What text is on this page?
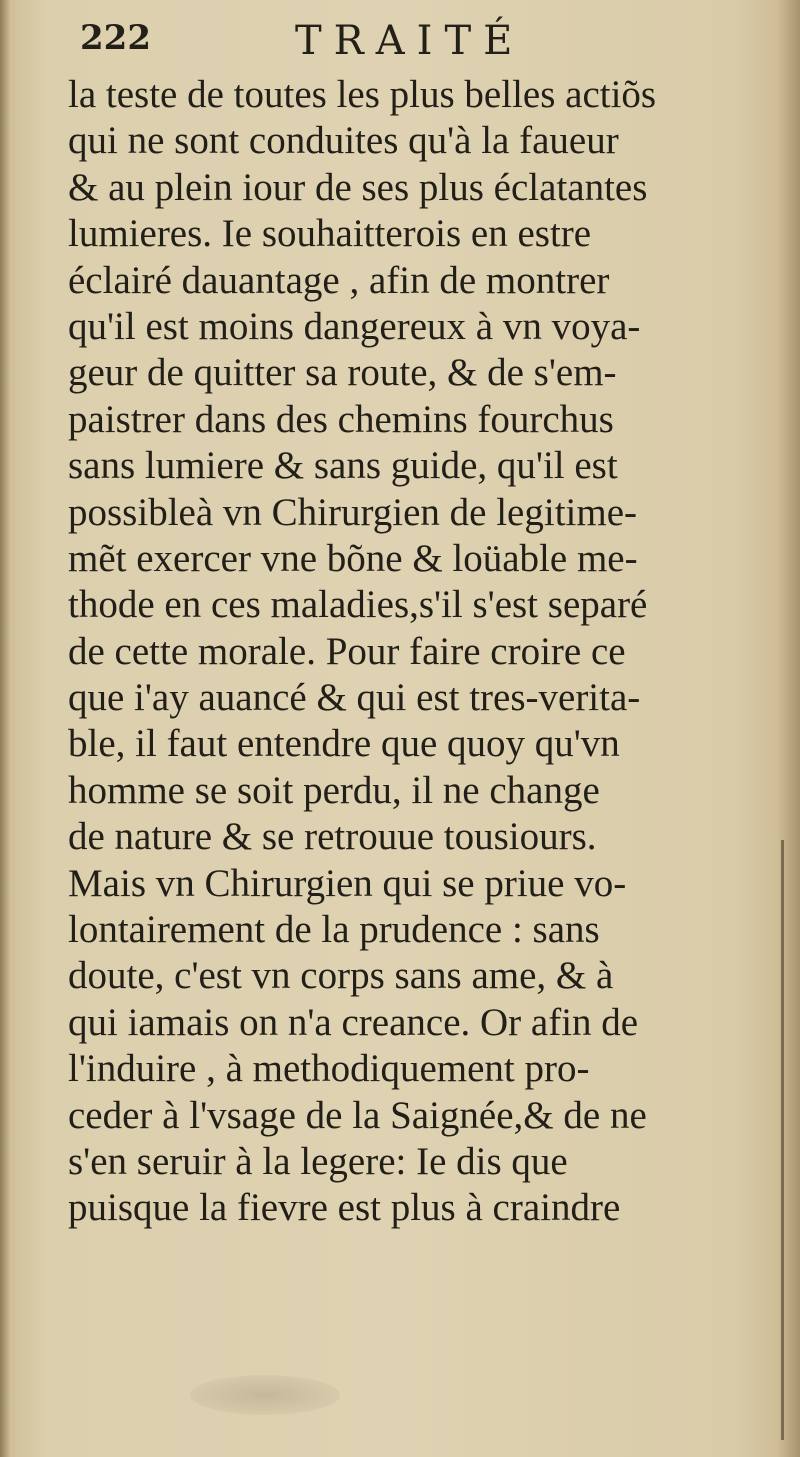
222	TRAITÉ
la teste de toutes les plus belles actiõs
qui ne sont conduites qu'à la faueur
& au plein iour de ses plus éclatantes
lumieres. Ie souhaitterois en estre
éclairé dauantage , afin de montrer
qu'il est moins dangereux à vn voya-
geur de quitter sa route, & de s'em-
paistrer dans des chemins fourchus
sans lumiere & sans guide, qu'il est
possibleà vn Chirurgien de legitime-
mẽt exercer vne bõne & loüable me-
thode en ces maladies,s'il s'est separé
de cette morale. Pour faire croire ce
que i'ay auancé & qui est tres-verita-
ble, il faut entendre que quoy qu'vn
homme se soit perdu, il ne change
de nature & se retrouue tousiours.
Mais vn Chirurgien qui se priue vo-
lontairement de la prudence : sans
doute, c'est vn corps sans ame, & à
qui iamais on n'a creance. Or afin de
l'induire , à methodiquement pro-
ceder à l'vsage de la Saignée,& de ne
s'en seruir à la legere: Ie dis que
puisque la fievre est plus à craindre
